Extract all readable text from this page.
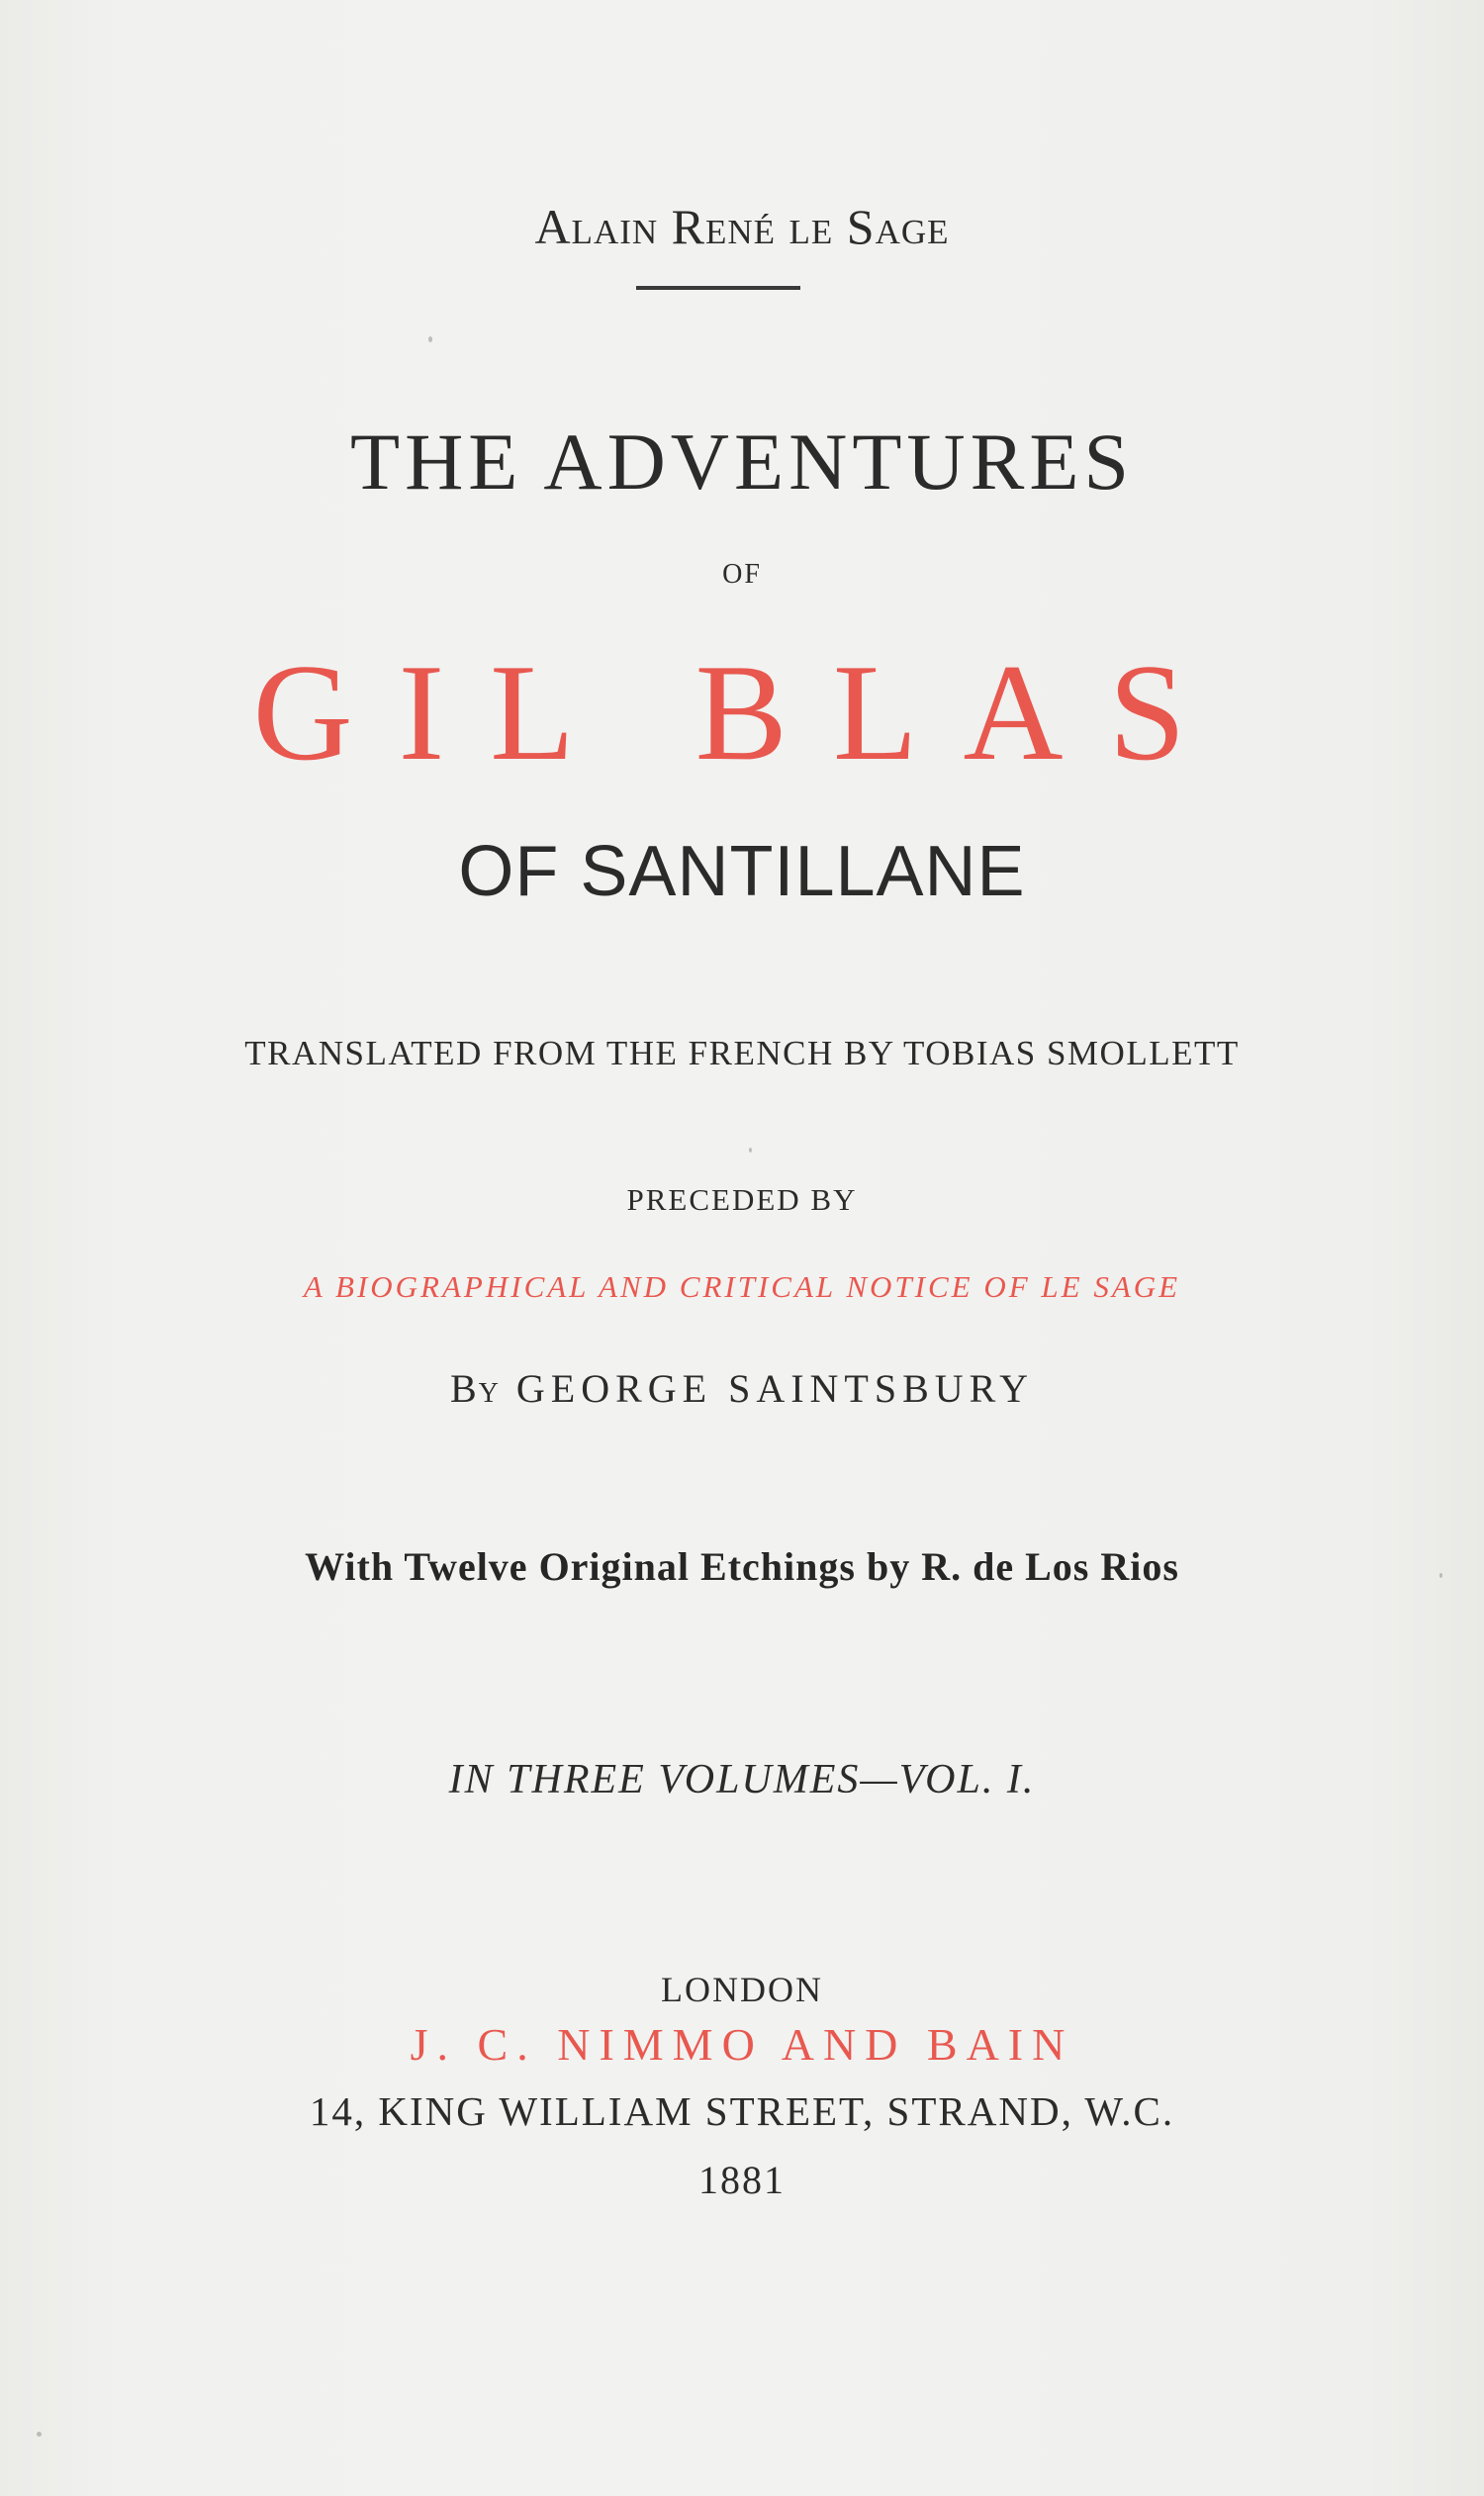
Alain René le Sage
THE ADVENTURES
OF
GIL BLAS
OF SANTILLANE
TRANSLATED FROM THE FRENCH BY TOBIAS SMOLLETT
PRECEDED BY
A BIOGRAPHICAL AND CRITICAL NOTICE OF LE SAGE
By GEORGE SAINTSBURY
With Twelve Original Etchings by R. de Los Rios
IN THREE VOLUMES—VOL. I.
LONDON
J. C. NIMMO AND BAIN
14, KING WILLIAM STREET, STRAND, W.C.
1881
